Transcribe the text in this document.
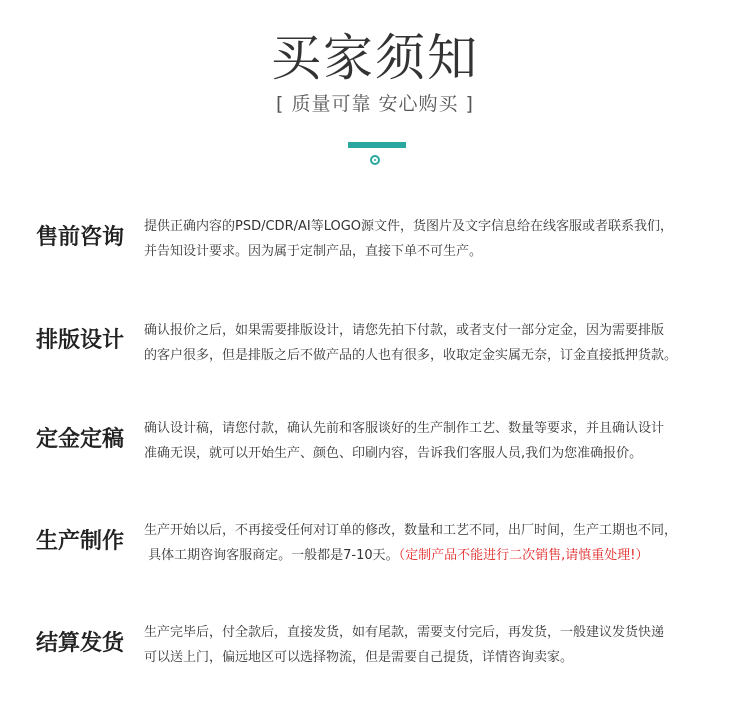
买家须知
[ 质量可靠 安心购买 ]
售前咨询	提供正确内容的PSD/CDR/AI等LOGO源文件，货图片及文字信息给在线客服或者联系我们，
并告知设计要求。因为属于定制产品，直接下单不可生产。
排版设计	确认报价之后，如果需要排版设计，请您先拍下付款，或者支付一部分定金，因为需要排版
的客户很多，但是排版之后不做产品的人也有很多，收取定金实属无奈，订金直接抵押货款。
定金定稿	确认设计稿，请您付款，确认先前和客服谈好的生产制作工艺、数量等要求，并且确认设计
准确无误，就可以开始生产、颜色、印刷内容，告诉我们客服人员,我们为您准确报价。
生产制作	生产开始以后，不再接受任何对订单的修改，数量和工艺不同，出厂时间，生产工期也不同，
具体工期咨询客服商定。一般都是7-10天。（定制产品不能进行二次销售,请慎重处理!）
结算发货	生产完毕后，付全款后，直接发货，如有尾款，需要支付完后，再发货，一般建议发货快递
可以送上门，偏远地区可以选择物流，但是需要自己提货，详情咨询卖家。
